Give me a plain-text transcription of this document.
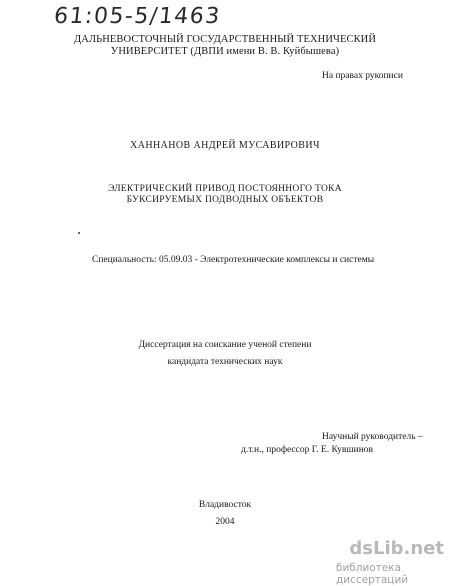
61:05-5/1463
ДАЛЬНЕВОСТОЧНЫЙ ГОСУДАРСТВЕННЫЙ ТЕХНИЧЕСКИЙ
УНИВЕРСИТЕТ (ДВПИ имени В. В. Куйбышева)
На правах рукописи
ХАННАНОВ АНДРЕЙ МУСАВИРОВИЧ
ЭЛЕКТРИЧЕСКИЙ ПРИВОД ПОСТОЯННОГО ТОКА
БУКСИРУЕМЫХ ПОДВОДНЫХ ОБЪЕКТОВ
Специальность: 05.09.03 - Электротехнические комплексы и системы
Диссертация на соискание ученой степени
кандидата технических наук
Научный руководитель –
д.т.н., профессор Г. Е. Кувшинов
Владивосток
2004
dsLib.net
библиотека диссертаций
